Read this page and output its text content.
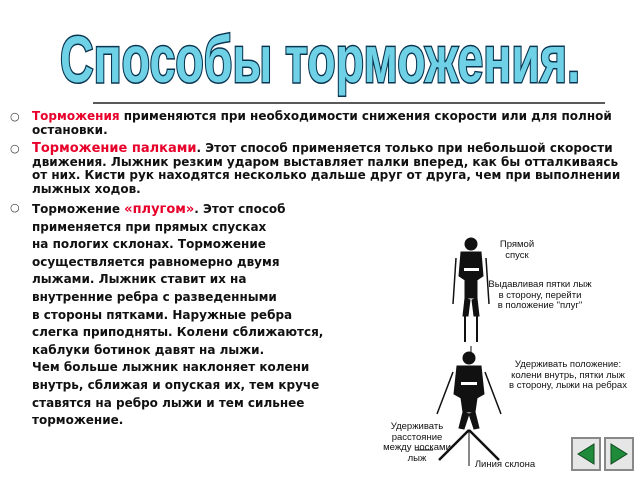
Способы торможения.
○ Торможения применяются при необходимости снижения скорости или для полной остановки.
○ Торможение палками. Этот способ применяется только при небольшой скорости движения. Лыжник резким ударом выставляет палки вперед, как бы отталкиваясь от них. Кисти рук находятся несколько дальше друг от друга, чем при выполнении лыжных ходов.
○ Торможение «плугом». Этот способ
применяется при прямых спусках
на пологих склонах. Торможение
осуществляется равномерно двумя
лыжами. Лыжник ставит их на
внутренние ребра с разведенными
в стороны пятками. Наружные ребра
слегка приподняты. Колени сближаются,
каблуки ботинок давят на лыжи.
Чем больше лыжник наклоняет колени
внутрь, сближая и опуская их, тем круче
ставятся на ребро лыжи и тем сильнее
торможение.
Прямой
спуск
Выдавливая пятки лыж
в сторону, перейти
в положение "плуг"
Удерживать положение:
колени внутрь, пятки лыж
в сторону, лыжи на ребрах
Удерживать
расстояние
между носками
лыж
Линия склона
